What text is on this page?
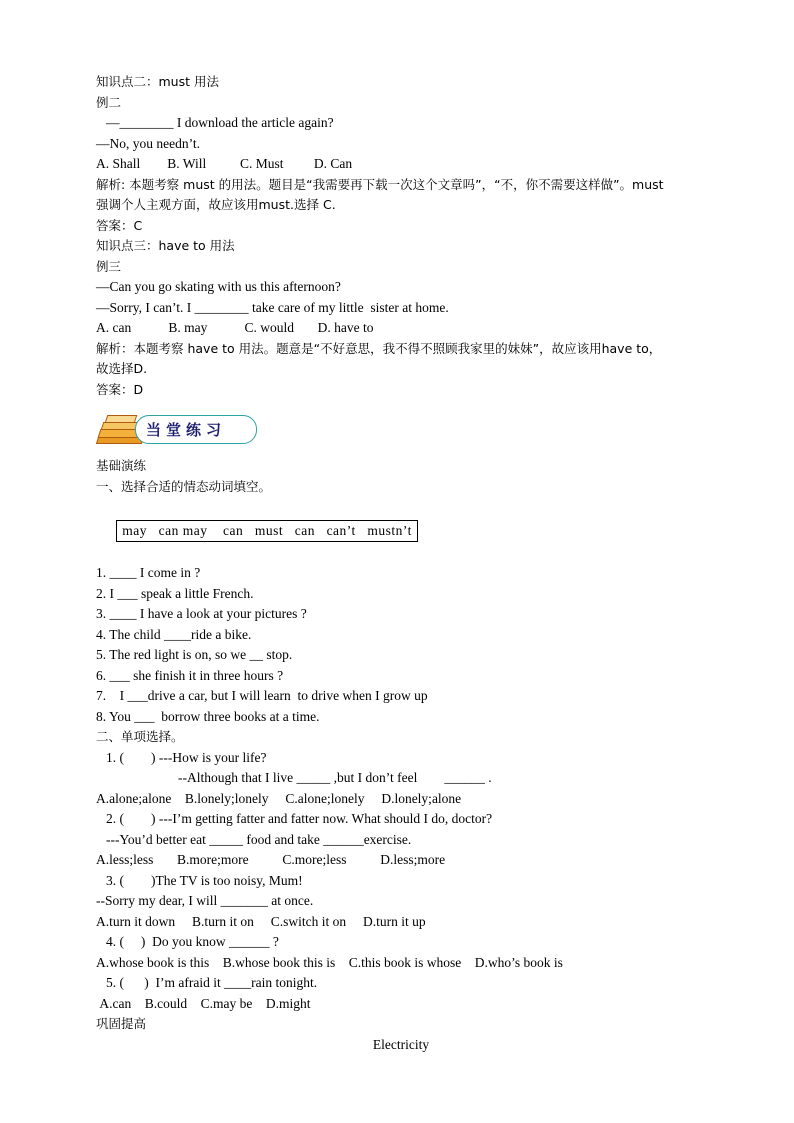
知识点二：must 用法
例二
—________ I download the article again?
—No, you needn’t.
A. Shall        B. Will          C. Must         D. Can
解析: 本题考察 must 的用法。题目是“我需要再下载一次这个文章吗”，“不，你不需要这样做”。must
强调个人主观方面，故应该用must.选择 C.
答案：C
知识点三：have to 用法
例三
—Can you go skating with us this afternoon?
—Sorry, I can’t. I ________ take care of my little  sister at home.
A. can           B. may           C. would       D. have to
解析：本题考察 have to 用法。题意是“不好意思，我不得不照顾我家里的妹妹”，故应该用have to，
故选择D.
答案：D
当堂练习
基础演练
一、选择合适的情态动词填空。

may   can may    can   must   can   can’t   mustn’t

1. ____ I come in ?
2. I ___ speak a little French.
3. ____ I have a look at your pictures ?
4. The child ____ride a bike.
5. The red light is on, so we __ stop.
6. ___ she finish it in three hours ?
7.    I ___drive a car, but I will learn  to drive when I grow up
8. You ___  borrow three books at a time.
二、单项选择。
1. (        ) ---How is your life?
--Although that I live _____ ,but I don’t feel        ______ .
A.alone;alone    B.lonely;lonely     C.alone;lonely     D.lonely;alone
2. (        ) ---I’m getting fatter and fatter now. What should I do, doctor?
---You’d better eat _____ food and take ______exercise.
A.less;less       B.more;more          C.more;less          D.less;more
3. (        )The TV is too noisy, Mum!
--Sorry my dear, I will _______ at once.
A.turn it down     B.turn it on     C.switch it on     D.turn it up
4. (     )  Do you know ______ ?
A.whose book is this    B.whose book this is    C.this book is whose    D.who’s book is
5. (      )  I’m afraid it ____rain tonight.
A.can    B.could    C.may be    D.might
巩固提高
Electricity
